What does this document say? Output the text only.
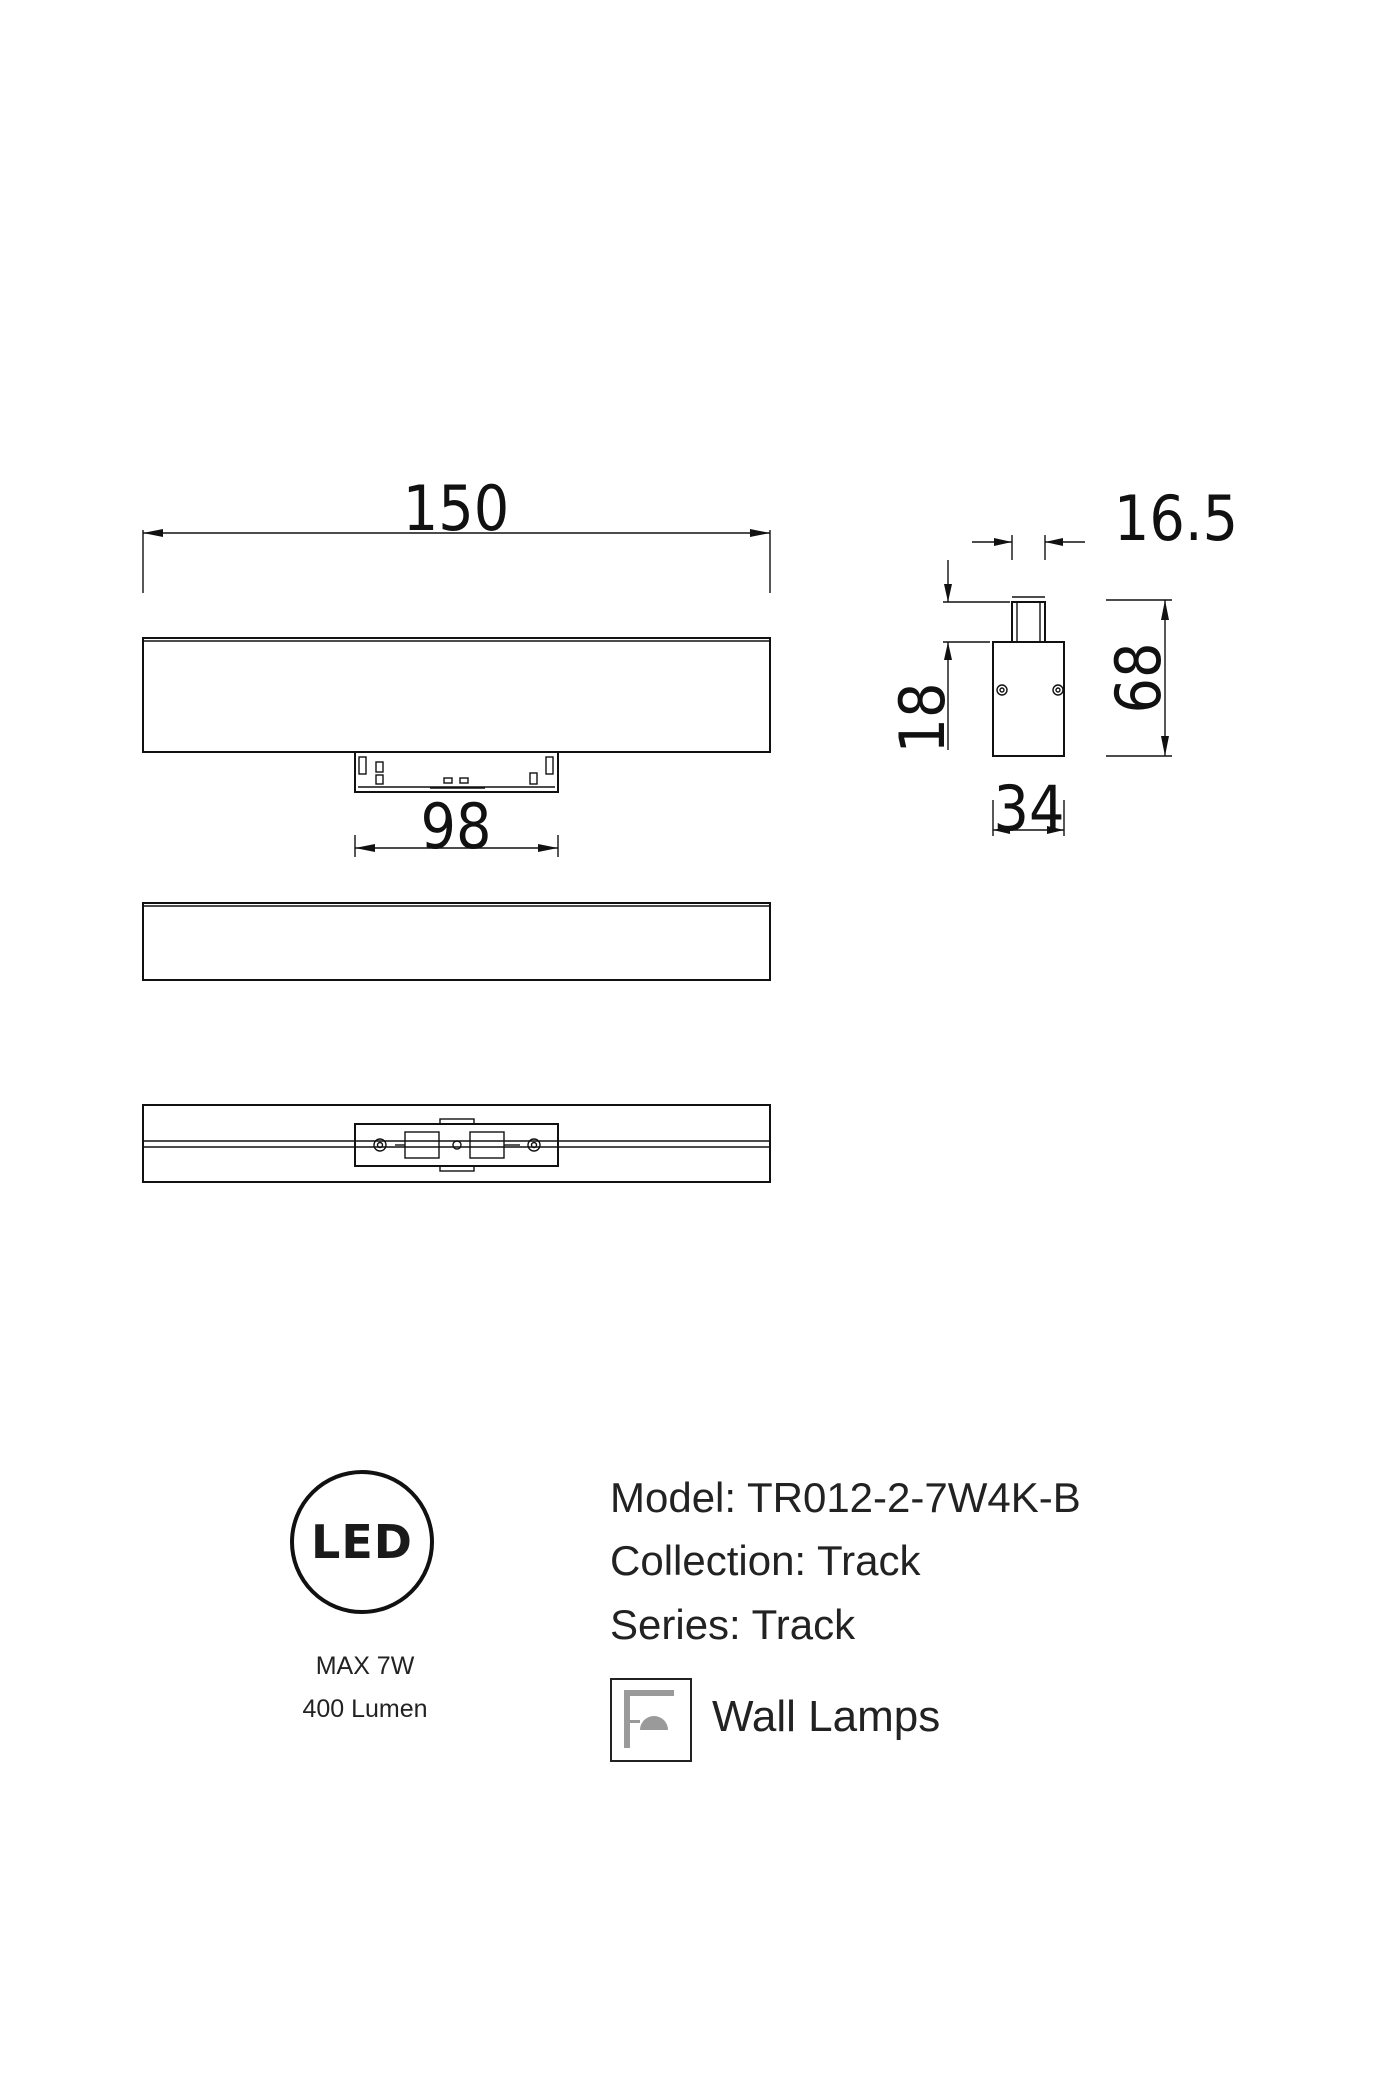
150
98
16.5
18
68
34
LED
MAX 7W
400 Lumen
Model: TR012-2-7W4K-B
Collection: Track
Series: Track
Wall Lamps
